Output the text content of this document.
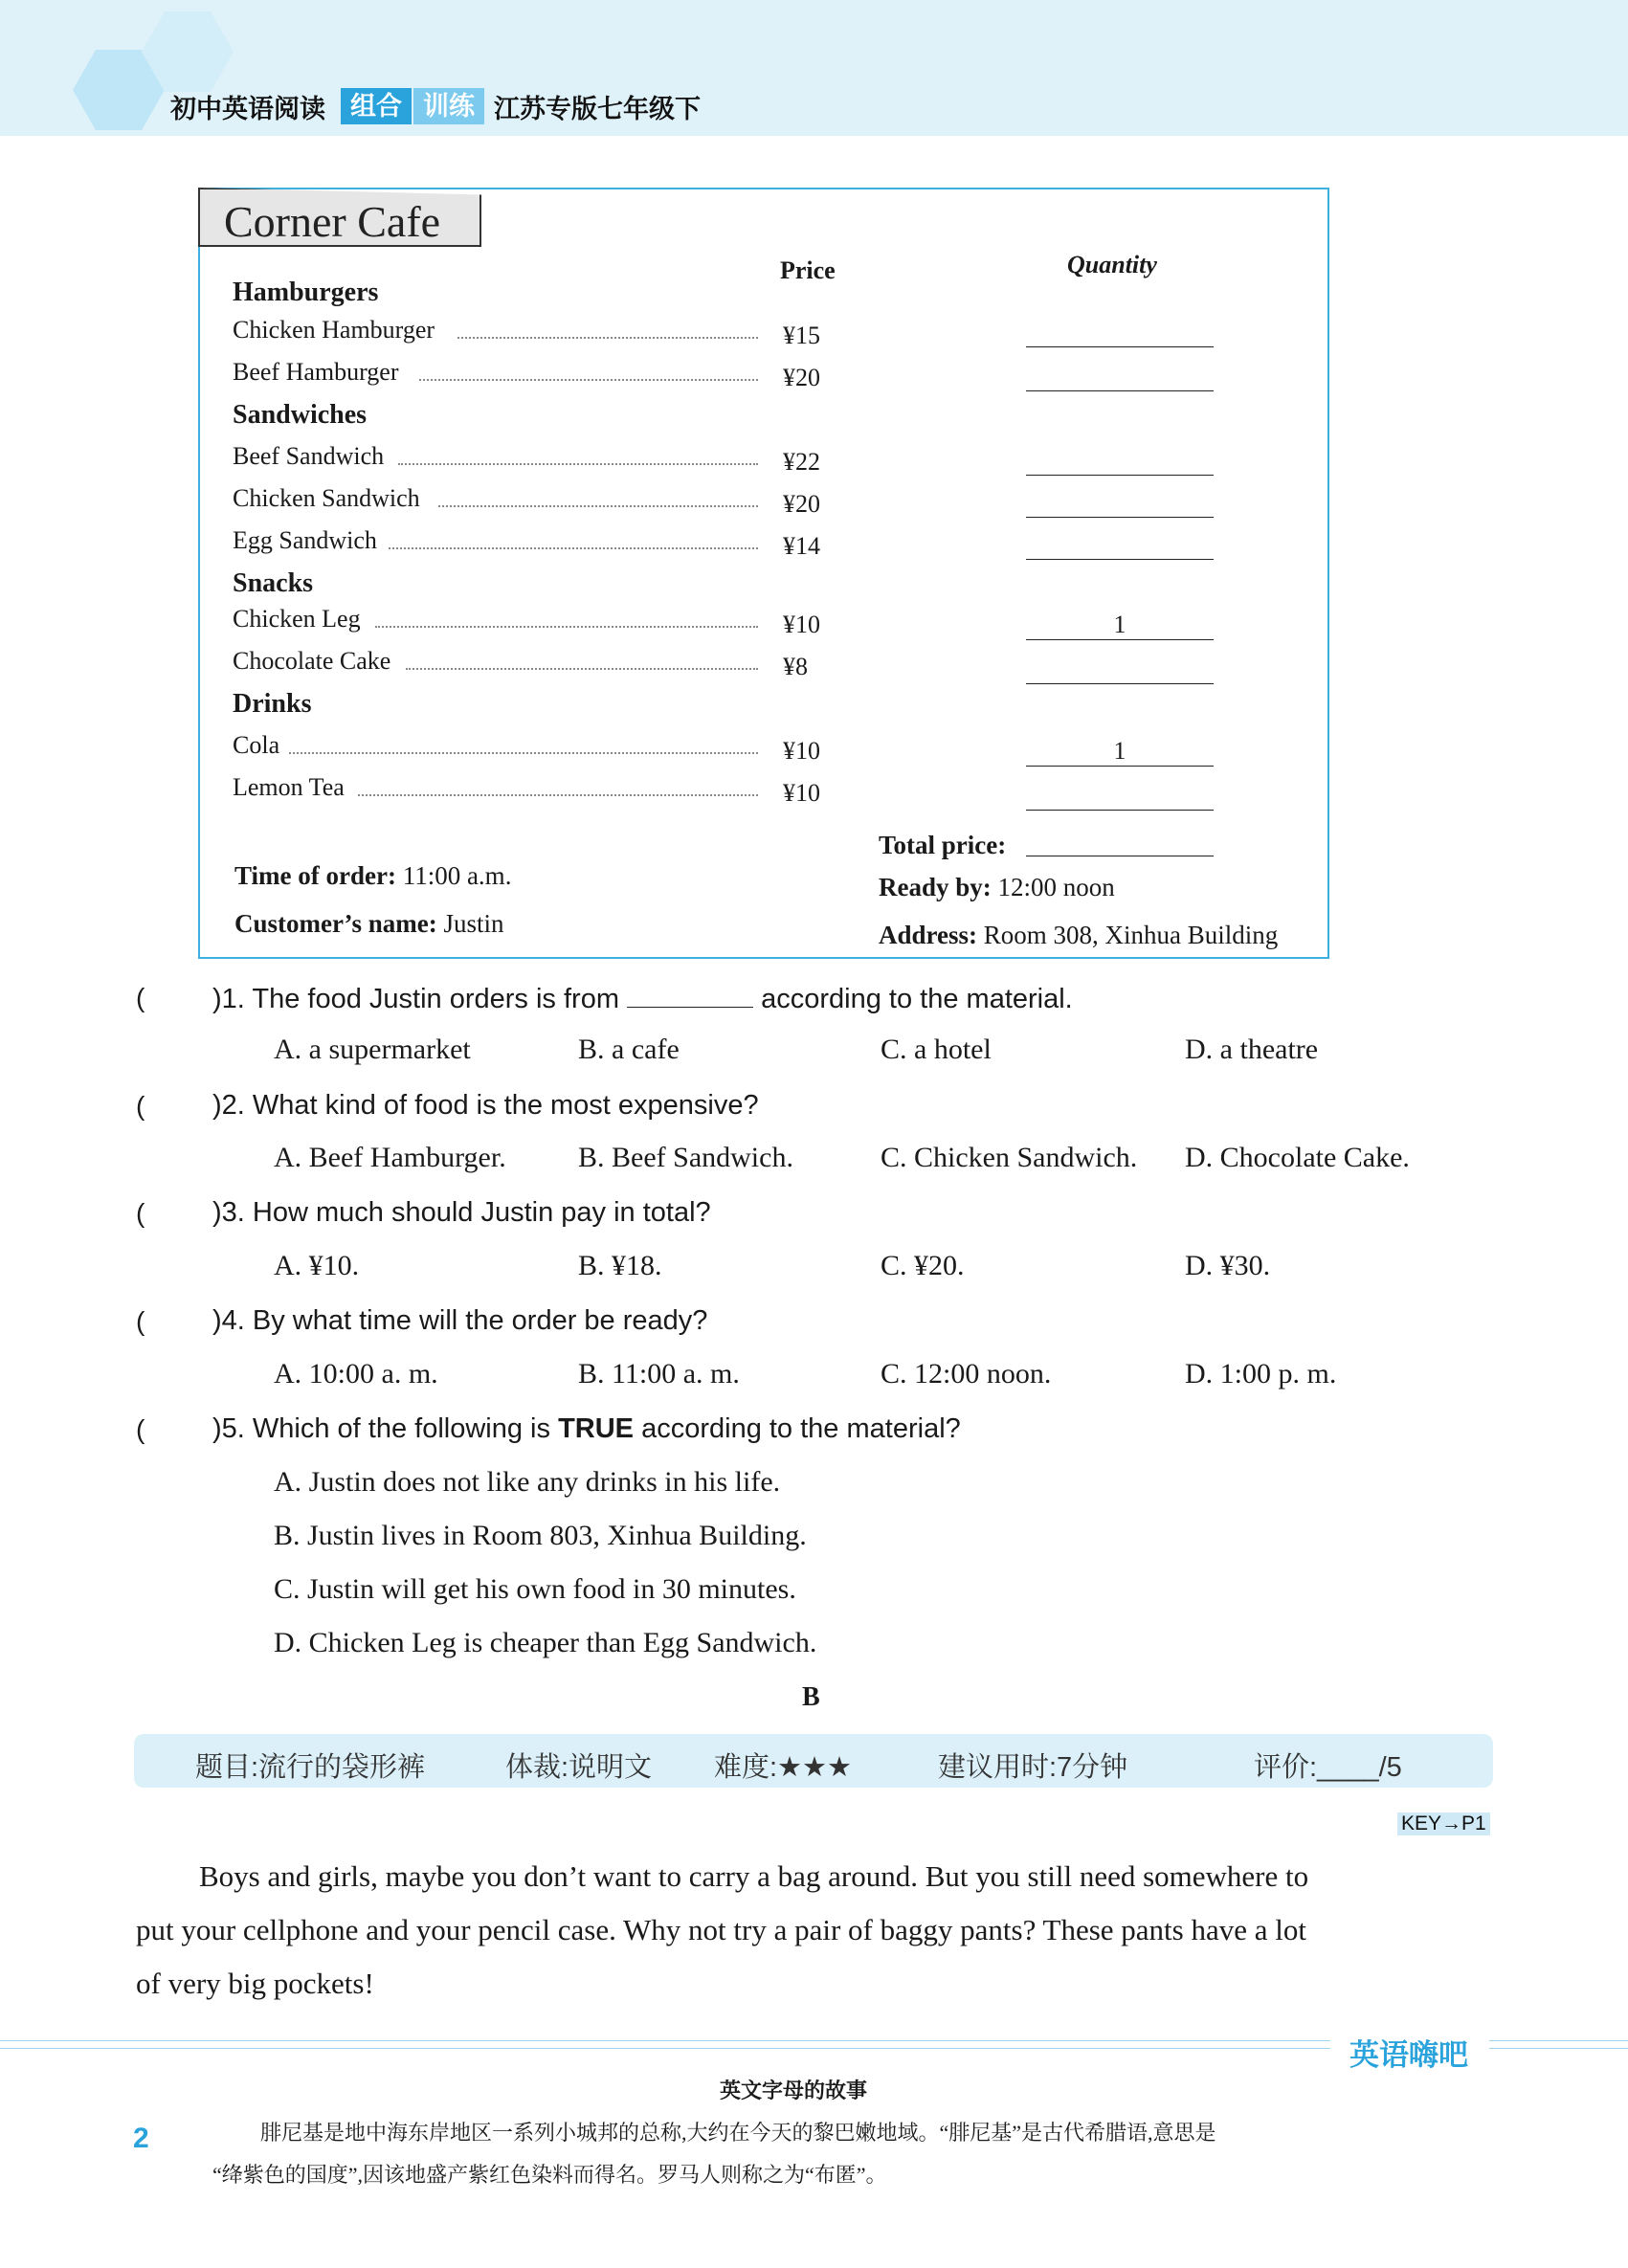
初中英语阅读 组合 训练 江苏专版七年级下
Corner Cafe
Price	Quantity
Hamburgers
Sandwiches
Snacks
Drinks
Chicken Hamburger	¥15
Beef Hamburger	¥20
Beef Sandwich	¥22
Chicken Sandwich	¥20
Egg Sandwich	¥14
Chicken Leg	¥10	1
Chocolate Cake	¥8
Cola	¥10	1
Lemon Tea	¥10
Total price:
Ready by: 12:00 noon
Address: Room 308, Xinhua Building
Time of order: 11:00 a.m.
Customer’s name: Justin
( )1. The food Justin orders is from	according to the material.
A. a supermarket	B. a cafe	C. a hotel	D. a theatre
( )2. What kind of food is the most expensive?
A. Beef Hamburger.	B. Beef Sandwich.	C. Chicken Sandwich. D. Chocolate Cake.
( )3. How much should Justin pay in total?
A. ¥10.	B. ¥18.	C. ¥20.	D. ¥30.
( )4. By what time will the order be ready?
A. 10:00 a. m.	B. 11:00 a. m.	C. 12:00 noon.	D. 1:00 p. m.
( )5. Which of the following is TRUE according to the material?
A. Justin does not like any drinks in his life.
B. Justin lives in Room 803, Xinhua Building.
C. Justin will get his own food in 30 minutes.
D. Chicken Leg is cheaper than Egg Sandwich.
B
题目:流行的袋形裤	体裁:说明文 难度:★★★	建议用时:7分钟	评价:____/5
KEY→P1
Boys and girls, maybe you don’t want to carry a bag around. But you still need somewhere to
put your cellphone and your pencil case. Why not try a pair of baggy pants? These pants have a lot
of very big pockets!
英语嗨吧
英文字母的故事
2	腓尼基是地中海东岸地区一系列小城邦的总称,大约在今天的黎巴嫩地域。“腓尼基”是古代希腊语,意思是
“绛紫色的国度”,因该地盛产紫红色染料而得名。罗马人则称之为“布匿”。
